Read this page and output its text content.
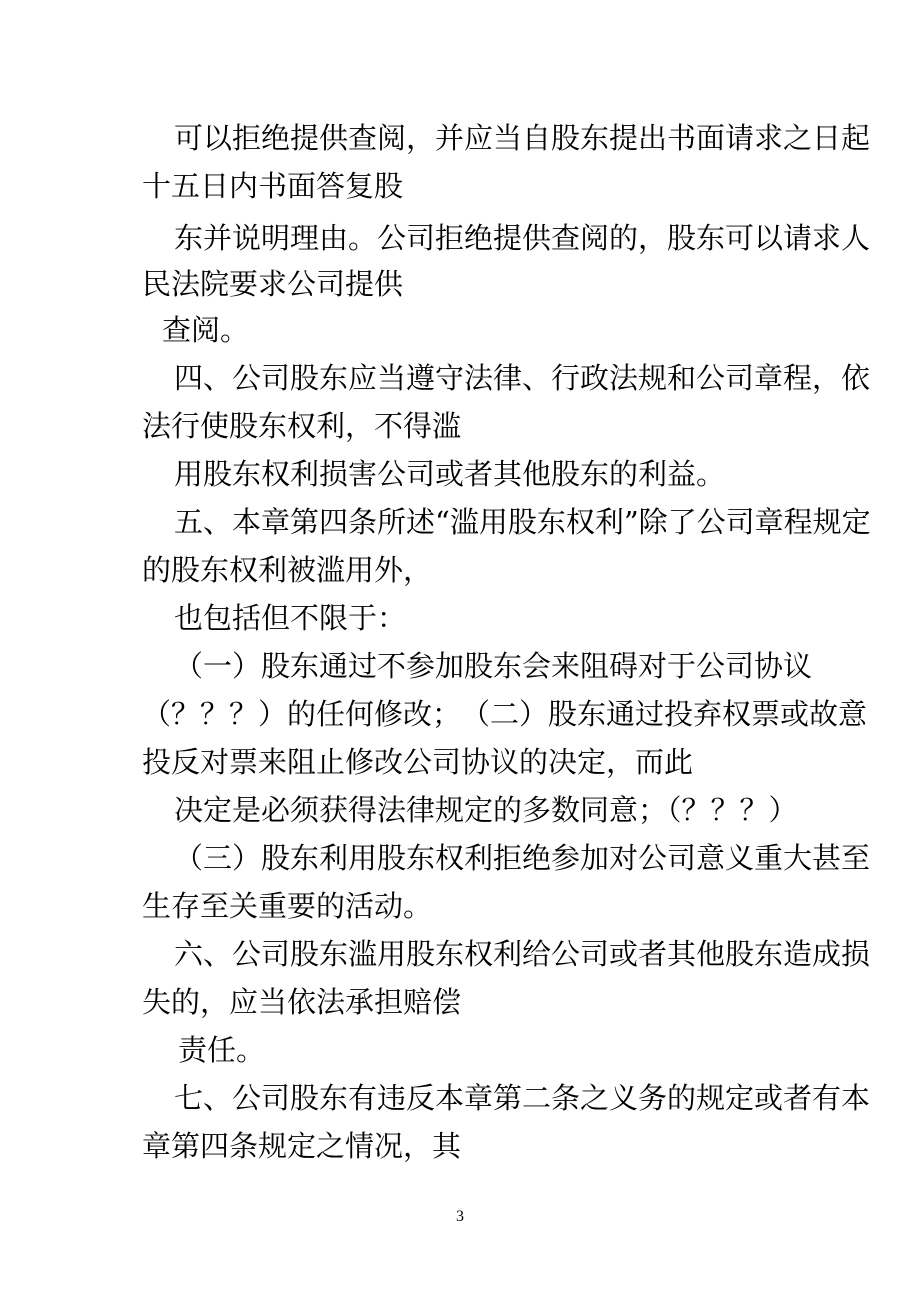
可以拒绝提供查阅，并应当自股东提出书面请求之日起
十五日内书面答复股
东并说明理由。公司拒绝提供查阅的，股东可以请求人
民法院要求公司提供
查阅。
四、公司股东应当遵守法律、行政法规和公司章程，依
法行使股东权利，不得滥
用股东权利损害公司或者其他股东的利益。
五、本章第四条所述“滥用股东权利”除了公司章程规定
的股东权利被滥用外，
也包括但不限于：
（一）股东通过不参加股东会来阻碍对于公司协议
（？？？）的任何修改；　（二）股东通过投弃权票或故意
投反对票来阻止修改公司协议的决定，而此
决定是必须获得法律规定的多数同意；（？？？）
（三）股东利用股东权利拒绝参加对公司意义重大甚至
生存至关重要的活动。
六、公司股东滥用股东权利给公司或者其他股东造成损
失的，应当依法承担赔偿
责任。
七、公司股东有违反本章第二条之义务的规定或者有本
章第四条规定之情况，其
3
